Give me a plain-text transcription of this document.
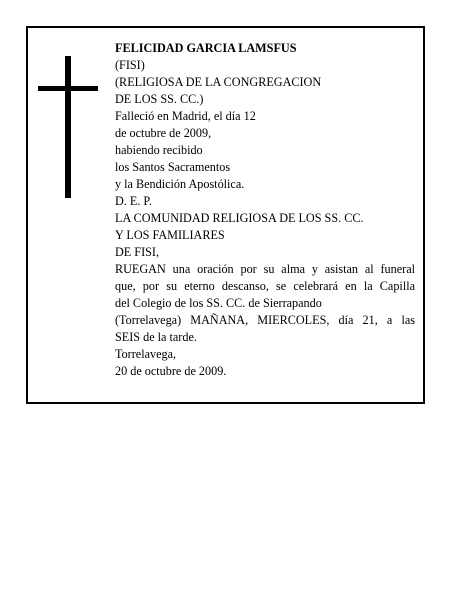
FELICIDAD GARCIA LAMSFUS
(FISI)
(RELIGIOSA DE LA CONGREGACION
DE LOS SS. CC.)
Falleció en Madrid, el día 12
de octubre de 2009,
habiendo recibido
los Santos Sacramentos
y la Bendición Apostólica.
D. E. P.
LA COMUNIDAD RELIGIOSA DE LOS SS. CC.
Y LOS FAMILIARES
DE FISI,
RUEGAN una oración por su alma y asistan al funeral
que, por su eterno descanso, se celebrará en la Capilla
del Colegio de los SS. CC. de Sierrapando
(Torrelavega) MAÑANA, MIERCOLES, día 21, a las
SEIS de la tarde.
Torrelavega,
20 de octubre de 2009.
